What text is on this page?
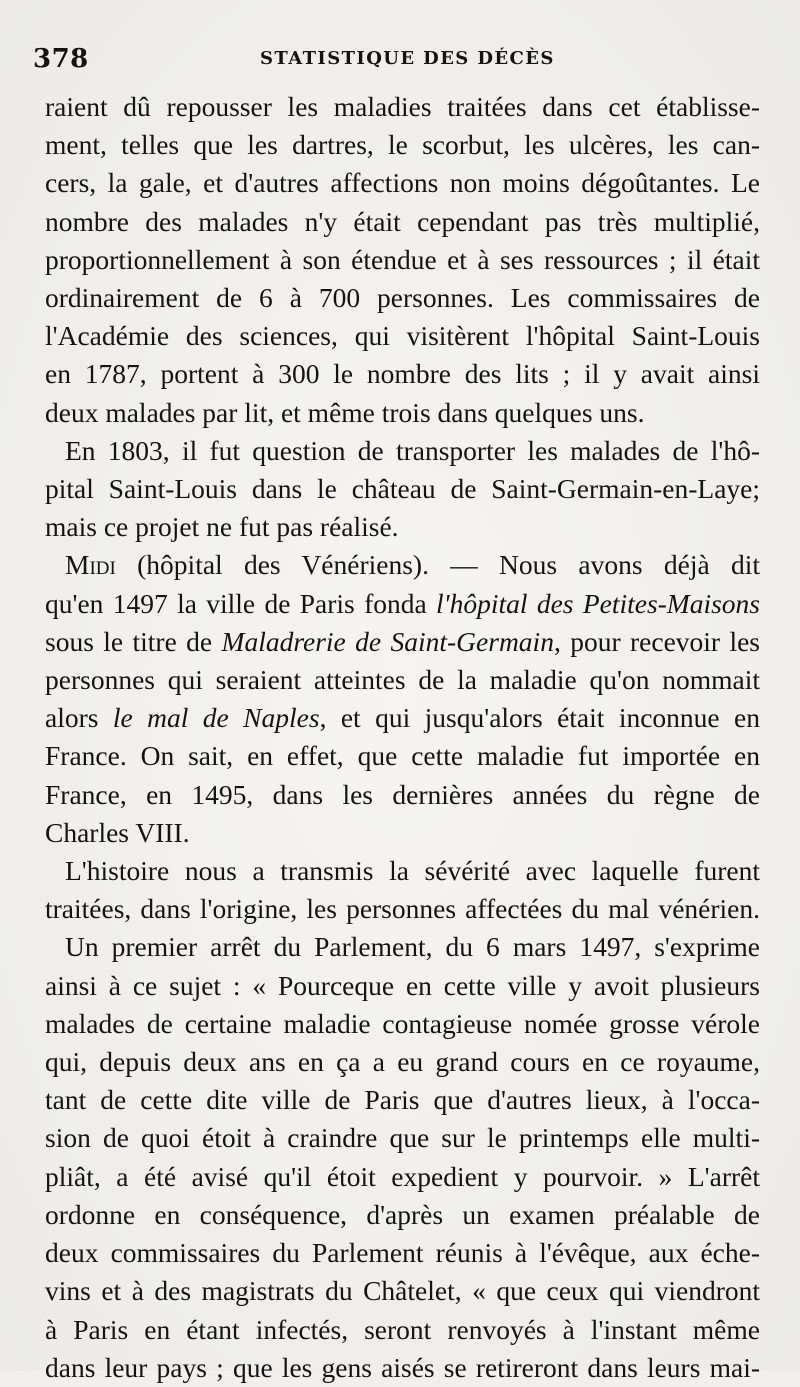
378	STATISTIQUE DES DÉCÈS
raient dû repousser les maladies traitées dans cet établisse-
ment, telles que les dartres, le scorbut, les ulcères, les can-
cers, la gale, et d'autres affections non moins dégoûtantes. Le
nombre des malades n'y était cependant pas très multiplié,
proportionnellement à son étendue et à ses ressources ; il était
ordinairement de 6 à 700 personnes. Les commissaires de
l'Académie des sciences, qui visitèrent l'hôpital Saint-Louis
en 1787, portent à 300 le nombre des lits ; il y avait ainsi
deux malades par lit, et même trois dans quelques uns.
En 1803, il fut question de transporter les malades de l'hô-
pital Saint-Louis dans le château de Saint-Germain-en-Laye;
mais ce projet ne fut pas réalisé.
Midi (hôpital des Vénériens). — Nous avons déjà dit
qu'en 1497 la ville de Paris fonda l'hôpital des Petites-Maisons
sous le titre de Maladrerie de Saint-Germain, pour recevoir les
personnes qui seraient atteintes de la maladie qu'on nommait
alors le mal de Naples, et qui jusqu'alors était inconnue en
France. On sait, en effet, que cette maladie fut importée en
France, en 1495, dans les dernières années du règne de
Charles VIII.
L'histoire nous a transmis la sévérité avec laquelle furent
traitées, dans l'origine, les personnes affectées du mal vénérien.
Un premier arrêt du Parlement, du 6 mars 1497, s'exprime
ainsi à ce sujet : « Pourceque en cette ville y avoit plusieurs
malades de certaine maladie contagieuse nomée grosse vérole
qui, depuis deux ans en ça a eu grand cours en ce royaume,
tant de cette dite ville de Paris que d'autres lieux, à l'occa-
sion de quoi étoit à craindre que sur le printemps elle multi-
pliât, a été avisé qu'il étoit expedient y pourvoir. » L'arrêt
ordonne en conséquence, d'après un examen préalable de
deux commissaires du Parlement réunis à l'évêque, aux éche-
vins et à des magistrats du Châtelet, « que ceux qui viendront
à Paris en étant infectés, seront renvoyés à l'instant même
dans leur pays ; que les gens aisés se retireront dans leurs mai-
